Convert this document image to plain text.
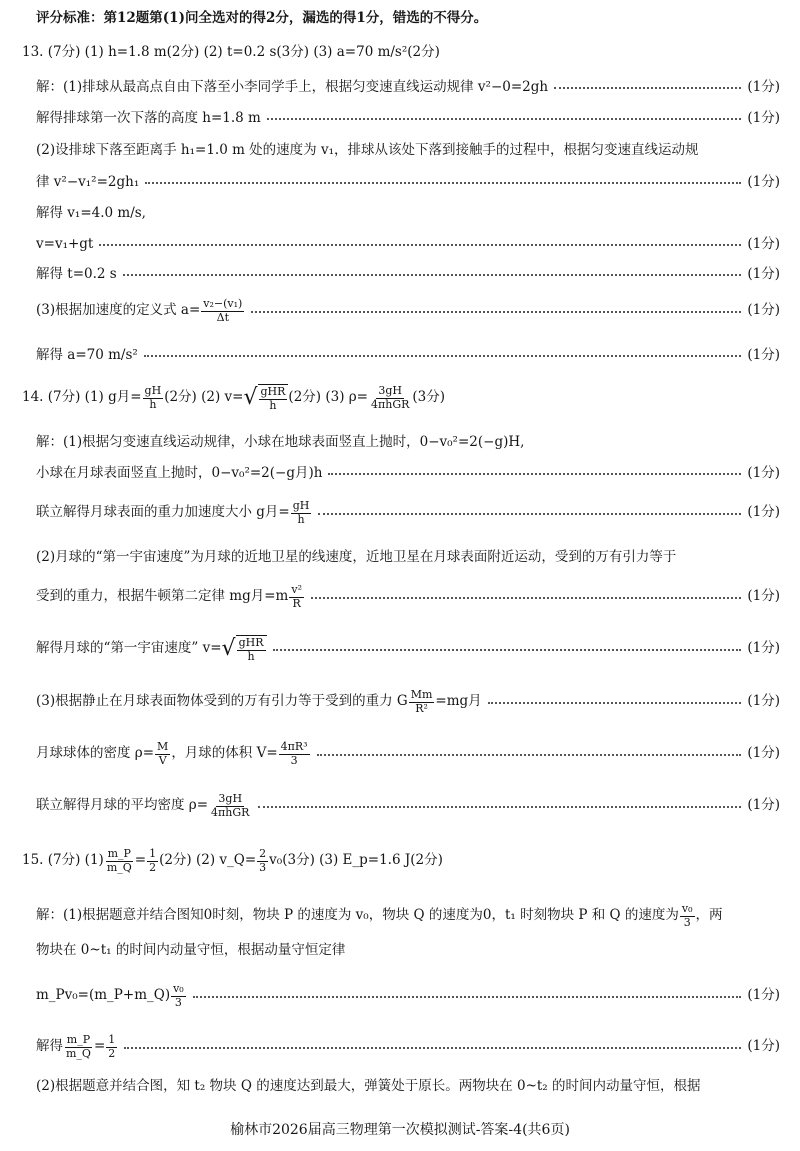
评分标准：第12题第(1)问全选对的得2分，漏选的得1分，错选的不得分。
13. (7分) (1) h=1.8 m(2分) (2) t=0.2 s(3分) (3) a=70 m/s²(2分)
解：(1)排球从最高点自由下落至小李同学手上，根据匀变速直线运动规律 v²−0=2gh	(1分)
解得排球第一次下落的高度 h=1.8 m	(1分)
(2)设排球下落至距离手 h₁=1.0 m 处的速度为 v₁，排球从该处下落到接触手的过程中，根据匀变速直线运动规
律 v²−v₁²=2gh₁	(1分)
解得 v₁=4.0 m/s,
v=v₁+gt	(1分)
解得 t=0.2 s	(1分)
(3)根据加速度的定义式 $a= \frac{\text{v₂−(v₁)}}{\Delta t}$	(1分)
解得 a=70 m/s²	(1分)
14. (7分) (1) g月= $\frac{gH}{h} (2$分) (2) v= √ $\frac{\text{gHR}}{h} (2$分) (3) $\rho= \frac{3gH}{\text{4πhGR}} (3$分)
解：(1)根据匀变速直线运动规律，小球在地球表面竖直上抛时，0−v₀²=2(−g)H,
小球在月球表面竖直上抛时，0−v₀²=2(−g月)h	(1分)
联立解得月球表面的重力加速度大小 g月= $\frac{gH}{h}$	(1分)
(2)月球的“第一宇宙速度”为月球的近地卫星的线速度，近地卫星在月球表面附近运动，受到的万有引力等于
受到的重力，根据牛顿第二定律 mg月$=m \frac{\text{v²}}{R}$	(1分)
解得月球的“第一宇宙速度” v= √ $\frac{\text{gHR}}{h}$	(1分)
(3)根据静止在月球表面物体受到的万有引力等于受到的重力 G $\frac{Mm}{\text{R²}} =mg$月	(1分)
月球球体的密度 $\rho= \frac{M}{V}$ ，月球的体积 $V= \frac{\text{4πR³}}{3}$	(1分)
联立解得月球的平均密度 $\rho= \frac{3gH}{\text{4πhGR}}$	(1分)
15. (7分) $(1) \frac{m\_P}{m\_Q} = \frac{1}{2} (2$分) (2) v_Q= $\frac{2}{3} v_0(3$分) (3) E_p=1.6 J(2分)
解：(1)根据题意并结合图知0时刻，物块 P 的速度为 v₀，物块 Q 的速度为0，t₁ 时刻物块 P 和 Q 的速度为 $\frac{\text{v₀}}{3}$ ，两
物块在 0~t₁ 的时间内动量守恒，根据动量守恒定律
m_Pv₀=(m_P+m_Q) $\frac{\text{v₀}}{3}$	(1分)
解得 $\frac{m\_P}{m\_Q} = \frac{1}{2}$	(1分)
(2)根据题意并结合图，知 t₂ 物块 Q 的速度达到最大，弹簧处于原长。两物块在 0~t₂ 的时间内动量守恒，根据
榆林市2026届高三物理第一次模拟测试-答案-4(共6页)
